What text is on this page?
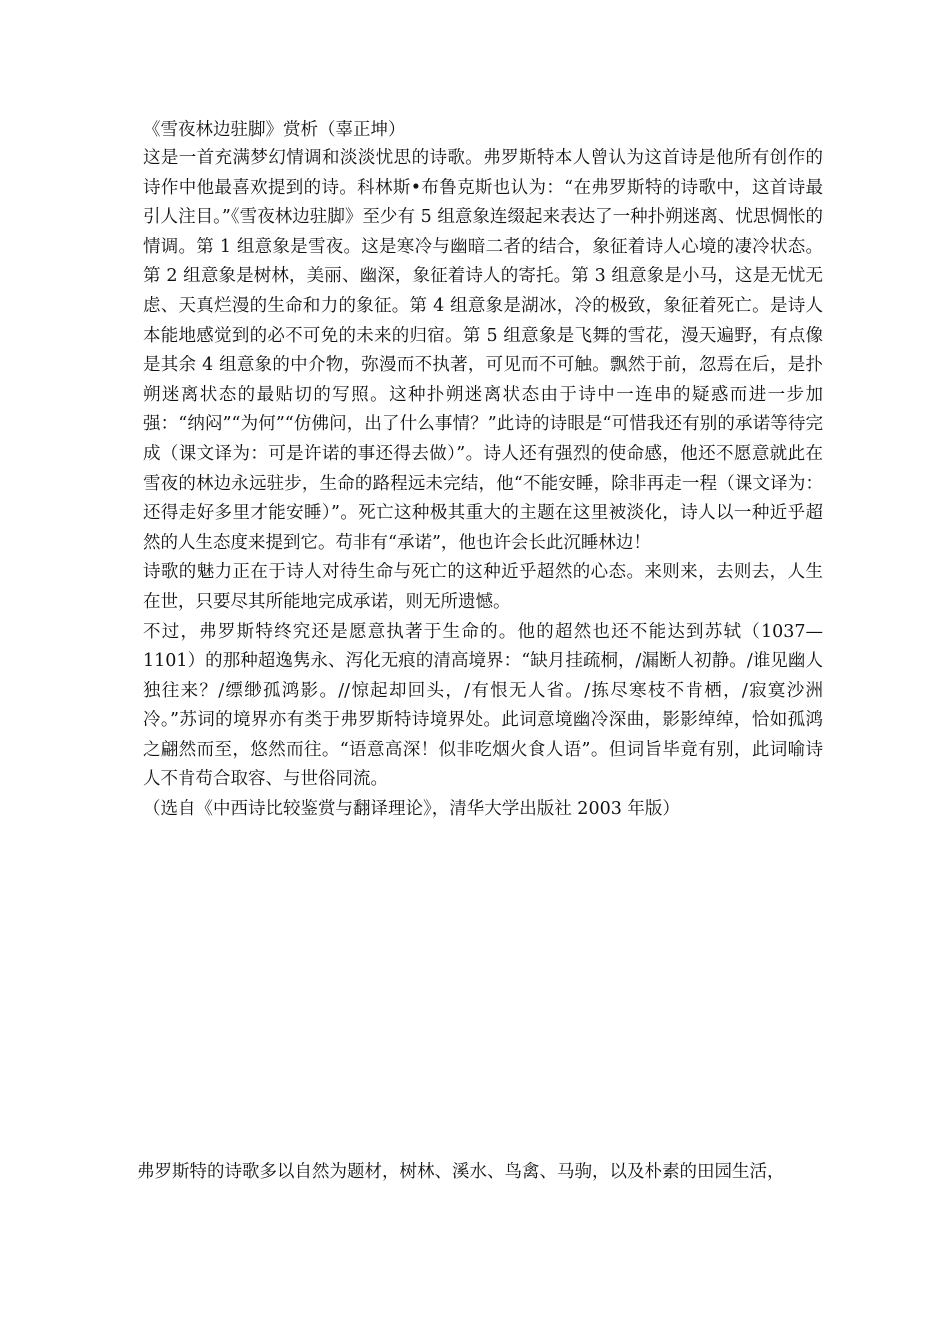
《雪夜林边驻脚》赏析（辜正坤）

这是一首充满梦幻情调和淡淡忧思的诗歌。弗罗斯特本人曾认为这首诗是他所有创作的诗作中他最喜欢提到的诗。科林斯•布鲁克斯也认为：“在弗罗斯特的诗歌中，这首诗最引人注目。”《雪夜林边驻脚》至少有 5 组意象连缀起来表达了一种扑朔迷离、忧思惆怅的情调。第 1 组意象是雪夜。这是寒冷与幽暗二者的结合，象征着诗人心境的凄冷状态。第 2 组意象是树林，美丽、幽深，象征着诗人的寄托。第 3 组意象是小马，这是无忧无虑、天真烂漫的生命和力的象征。第 4 组意象是湖冰，冷的极致，象征着死亡。是诗人本能地感觉到的必不可免的未来的归宿。第 5 组意象是飞舞的雪花，漫天遍野，有点像是其余 4 组意象的中介物，弥漫而不执著，可见而不可触。飘然于前，忽焉在后，是扑朔迷离状态的最贴切的写照。这种扑朔迷离状态由于诗中一连串的疑惑而进一步加强：“纳闷”“为何”“仿佛问，出了什么事情？”此诗的诗眼是“可惜我还有别的承诺等待完成（课文译为：可是许诺的事还得去做）”。诗人还有强烈的使命感，他还不愿意就此在雪夜的林边永远驻步，生命的路程远未完结，他“不能安睡，除非再走一程（课文译为：还得走好多里才能安睡）”。死亡这种极其重大的主题在这里被淡化，诗人以一种近乎超然的人生态度来提到它。苟非有“承诺”，他也许会长此沉睡林边！

诗歌的魅力正在于诗人对待生命与死亡的这种近乎超然的心态。来则来，去则去，人生在世，只要尽其所能地完成承诺，则无所遗憾。

不过，弗罗斯特终究还是愿意执著于生命的。他的超然也还不能达到苏轼（1037—1101）的那种超逸隽永、泻化无痕的清高境界：“缺月挂疏桐，/漏断人初静。/谁见幽人独往来？/缥缈孤鸿影。//惊起却回头，/有恨无人省。/拣尽寒枝不肯栖，/寂寞沙洲冷。”苏词的境界亦有类于弗罗斯特诗境界处。此词意境幽冷深曲，影影绰绰，恰如孤鸿之翩然而至，悠然而往。“语意高深！似非吃烟火食人语”。但词旨毕竟有别，此词喻诗人不肯苟合取容、与世俗同流。

（选自《中西诗比较鉴赏与翻译理论》，清华大学出版社 2003 年版）

弗罗斯特的诗歌多以自然为题材，树林、溪水、鸟禽、马驹，以及朴素的田园生活，
